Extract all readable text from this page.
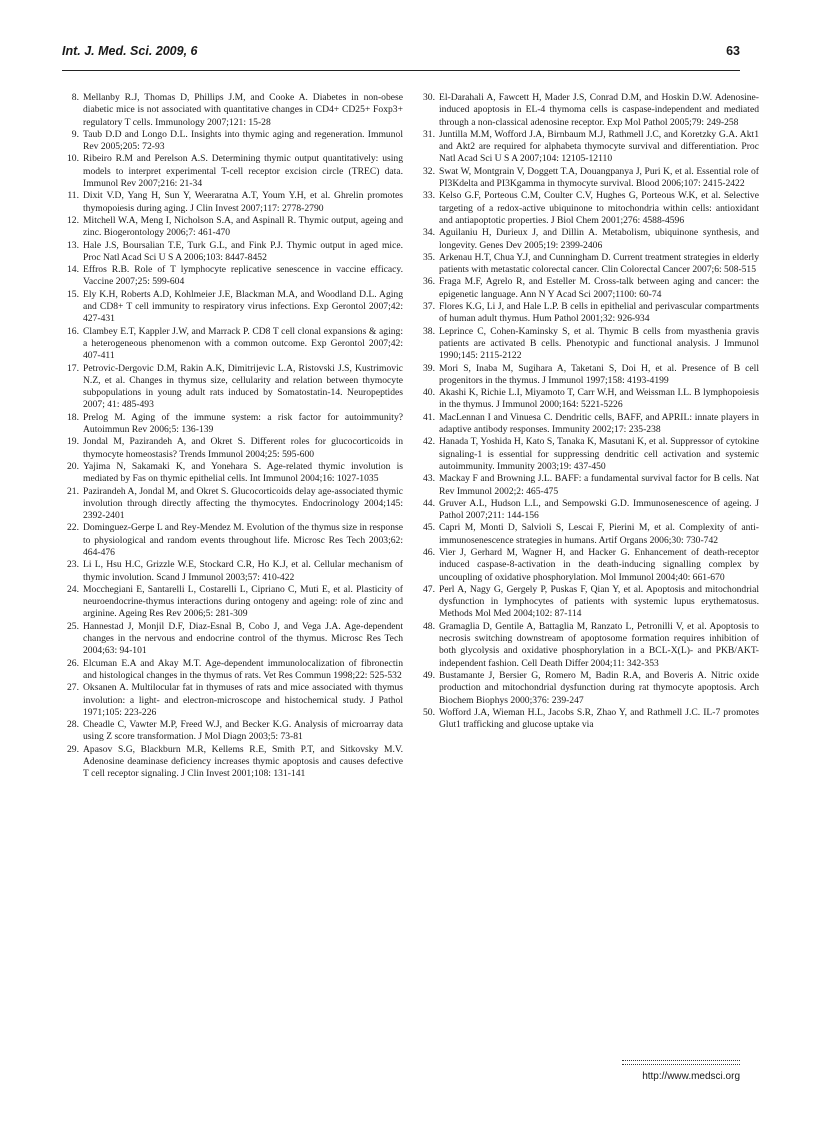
Int. J. Med. Sci. 2009, 6	63
8. Mellanby R.J, Thomas D, Phillips J.M, and Cooke A. Diabetes in non-obese diabetic mice is not associated with quantitative changes in CD4+ CD25+ Foxp3+ regulatory T cells. Immunology 2007;121: 15-28
9. Taub D.D and Longo D.L. Insights into thymic aging and regeneration. Immunol Rev 2005;205: 72-93
10. Ribeiro R.M and Perelson A.S. Determining thymic output quantitatively: using models to interpret experimental T-cell receptor excision circle (TREC) data. Immunol Rev 2007;216: 21-34
11. Dixit V.D, Yang H, Sun Y, Weeraratna A.T, Youm Y.H, et al. Ghrelin promotes thymopoiesis during aging. J Clin Invest 2007;117: 2778-2790
12. Mitchell W.A, Meng I, Nicholson S.A, and Aspinall R. Thymic output, ageing and zinc. Biogerontology 2006;7: 461-470
13. Hale J.S, Boursalian T.E, Turk G.L, and Fink P.J. Thymic output in aged mice. Proc Natl Acad Sci U S A 2006;103: 8447-8452
14. Effros R.B. Role of T lymphocyte replicative senescence in vaccine efficacy. Vaccine 2007;25: 599-604
15. Ely K.H, Roberts A.D, Kohlmeier J.E, Blackman M.A, and Woodland D.L. Aging and CD8+ T cell immunity to respiratory virus infections. Exp Gerontol 2007;42: 427-431
16. Clambey E.T, Kappler J.W, and Marrack P. CD8 T cell clonal expansions & aging: a heterogeneous phenomenon with a common outcome. Exp Gerontol 2007;42: 407-411
17. Petrovic-Dergovic D.M, Rakin A.K, Dimitrijevic L.A, Ristovski J.S, Kustrimovic N.Z, et al. Changes in thymus size, cellularity and relation between thymocyte subpopulations in young adult rats induced by Somatostatin-14. Neuropeptides 2007; 41: 485-493
18. Prelog M. Aging of the immune system: a risk factor for autoimmunity? Autoimmun Rev 2006;5: 136-139
19. Jondal M, Pazirandeh A, and Okret S. Different roles for glucocorticoids in thymocyte homeostasis? Trends Immunol 2004;25: 595-600
20. Yajima N, Sakamaki K, and Yonehara S. Age-related thymic involution is mediated by Fas on thymic epithelial cells. Int Immunol 2004;16: 1027-1035
21. Pazirandeh A, Jondal M, and Okret S. Glucocorticoids delay age-associated thymic involution through directly affecting the thymocytes. Endocrinology 2004;145: 2392-2401
22. Dominguez-Gerpe L and Rey-Mendez M. Evolution of the thymus size in response to physiological and random events throughout life. Microsc Res Tech 2003;62: 464-476
23. Li L, Hsu H.C, Grizzle W.E, Stockard C.R, Ho K.J, et al. Cellular mechanism of thymic involution. Scand J Immunol 2003;57: 410-422
24. Mocchegiani E, Santarelli L, Costarelli L, Cipriano C, Muti E, et al. Plasticity of neuroendocrine-thymus interactions during ontogeny and ageing: role of zinc and arginine. Ageing Res Rev 2006;5: 281-309
25. Hannestad J, Monjil D.F, Diaz-Esnal B, Cobo J, and Vega J.A. Age-dependent changes in the nervous and endocrine control of the thymus. Microsc Res Tech 2004;63: 94-101
26. Elcuman E.A and Akay M.T. Age-dependent immunolocalization of fibronectin and histological changes in the thymus of rats. Vet Res Commun 1998;22: 525-532
27. Oksanen A. Multilocular fat in thymuses of rats and mice associated with thymus involution: a light- and electron-microscope and histochemical study. J Pathol 1971;105: 223-226
28. Cheadle C, Vawter M.P, Freed W.J, and Becker K.G. Analysis of microarray data using Z score transformation. J Mol Diagn 2003;5: 73-81
29. Apasov S.G, Blackburn M.R, Kellems R.E, Smith P.T, and Sitkovsky M.V. Adenosine deaminase deficiency increases thymic apoptosis and causes defective T cell receptor signaling. J Clin Invest 2001;108: 131-141
30. El-Darahali A, Fawcett H, Mader J.S, Conrad D.M, and Hoskin D.W. Adenosine-induced apoptosis in EL-4 thymoma cells is caspase-independent and mediated through a non-classical adenosine receptor. Exp Mol Pathol 2005;79: 249-258
31. Juntilla M.M, Wofford J.A, Birnbaum M.J, Rathmell J.C, and Koretzky G.A. Akt1 and Akt2 are required for alphabeta thymocyte survival and differentiation. Proc Natl Acad Sci U S A 2007;104: 12105-12110
32. Swat W, Montgrain V, Doggett T.A, Douangpanya J, Puri K, et al. Essential role of PI3Kdelta and PI3Kgamma in thymocyte survival. Blood 2006;107: 2415-2422
33. Kelso G.F, Porteous C.M, Coulter C.V, Hughes G, Porteous W.K, et al. Selective targeting of a redox-active ubiquinone to mitochondria within cells: antioxidant and antiapoptotic properties. J Biol Chem 2001;276: 4588-4596
34. Aguilaniu H, Durieux J, and Dillin A. Metabolism, ubiquinone synthesis, and longevity. Genes Dev 2005;19: 2399-2406
35. Arkenau H.T, Chua Y.J, and Cunningham D. Current treatment strategies in elderly patients with metastatic colorectal cancer. Clin Colorectal Cancer 2007;6: 508-515
36. Fraga M.F, Agrelo R, and Esteller M. Cross-talk between aging and cancer: the epigenetic language. Ann N Y Acad Sci 2007;1100: 60-74
37. Flores K.G, Li J, and Hale L.P. B cells in epithelial and perivascular compartments of human adult thymus. Hum Pathol 2001;32: 926-934
38. Leprince C, Cohen-Kaminsky S, et al. Thymic B cells from myasthenia gravis patients are activated B cells. Phenotypic and functional analysis. J Immunol 1990;145: 2115-2122
39. Mori S, Inaba M, Sugihara A, Taketani S, Doi H, et al. Presence of B cell progenitors in the thymus. J Immunol 1997;158: 4193-4199
40. Akashi K, Richie L.I, Miyamoto T, Carr W.H, and Weissman I.L. B lymphopoiesis in the thymus. J Immunol 2000;164: 5221-5226
41. MacLennan I and Vinuesa C. Dendritic cells, BAFF, and APRIL: innate players in adaptive antibody responses. Immunity 2002;17: 235-238
42. Hanada T, Yoshida H, Kato S, Tanaka K, Masutani K, et al. Suppressor of cytokine signaling-1 is essential for suppressing dendritic cell activation and systemic autoimmunity. Immunity 2003;19: 437-450
43. Mackay F and Browning J.L. BAFF: a fundamental survival factor for B cells. Nat Rev Immunol 2002;2: 465-475
44. Gruver A.L, Hudson L.L, and Sempowski G.D. Immunosenescence of ageing. J Pathol 2007;211: 144-156
45. Capri M, Monti D, Salvioli S, Lescai F, Pierini M, et al. Complexity of anti-immunosenescence strategies in humans. Artif Organs 2006;30: 730-742
46. Vier J, Gerhard M, Wagner H, and Hacker G. Enhancement of death-receptor induced caspase-8-activation in the death-inducing signalling complex by uncoupling of oxidative phosphorylation. Mol Immunol 2004;40: 661-670
47. Perl A, Nagy G, Gergely P, Puskas F, Qian Y, et al. Apoptosis and mitochondrial dysfunction in lymphocytes of patients with systemic lupus erythematosus. Methods Mol Med 2004;102: 87-114
48. Gramaglia D, Gentile A, Battaglia M, Ranzato L, Petronilli V, et al. Apoptosis to necrosis switching downstream of apoptosome formation requires inhibition of both glycolysis and oxidative phosphorylation in a BCL-X(L)- and PKB/AKT-independent fashion. Cell Death Differ 2004;11: 342-353
49. Bustamante J, Bersier G, Romero M, Badin R.A, and Boveris A. Nitric oxide production and mitochondrial dysfunction during rat thymocyte apoptosis. Arch Biochem Biophys 2000;376: 239-247
50. Wofford J.A, Wieman H.L, Jacobs S.R, Zhao Y, and Rathmell J.C. IL-7 promotes Glut1 trafficking and glucose uptake via
http://www.medsci.org
